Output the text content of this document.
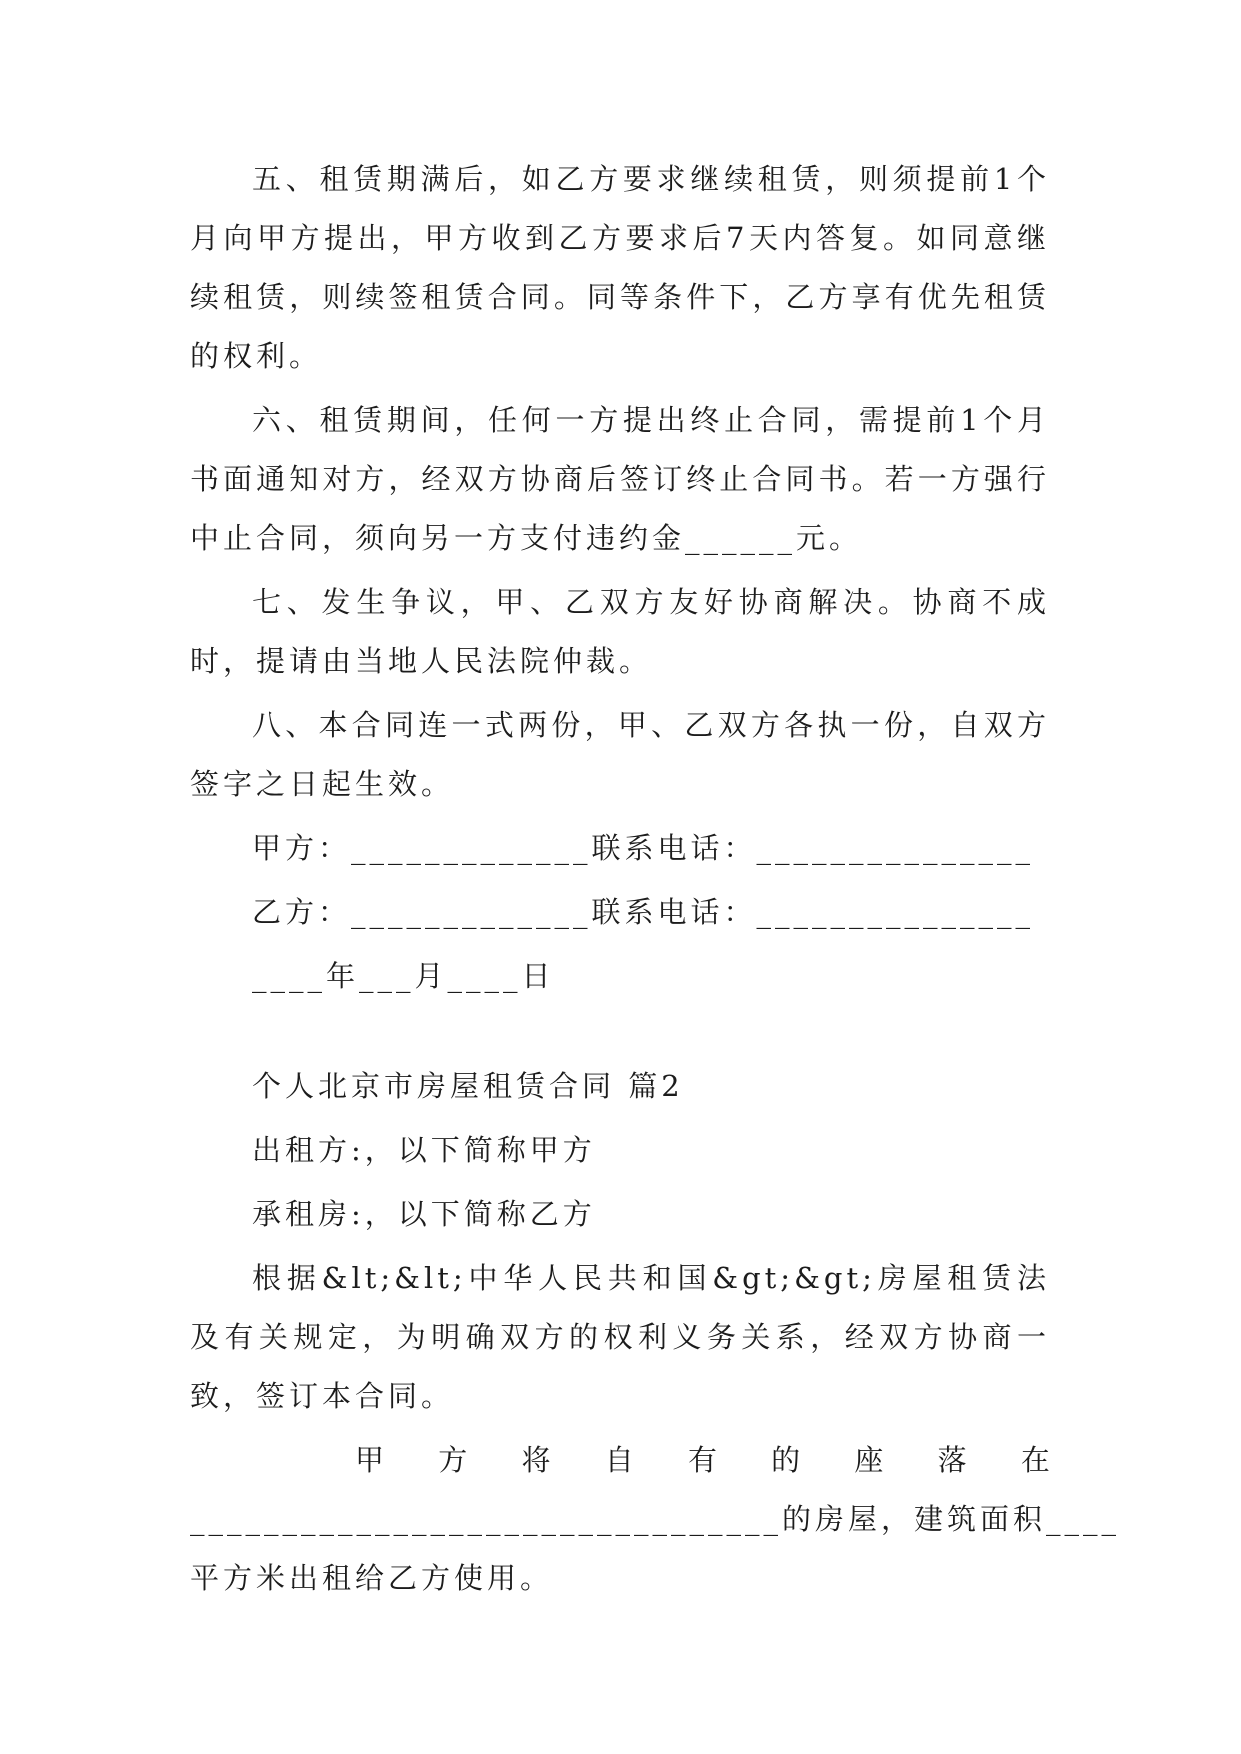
五、租赁期满后，如乙方要求继续租赁，则须提前1个月向甲方提出，甲方收到乙方要求后7天内答复。如同意继续租赁，则续签租赁合同。同等条件下，乙方享有优先租赁的权利。

六、租赁期间，任何一方提出终止合同，需提前1个月书面通知对方，经双方协商后签订终止合同书。若一方强行中止合同，须向另一方支付违约金______元。

七、发生争议，甲、乙双方友好协商解决。协商不成时，提请由当地人民法院仲裁。

八、本合同连一式两份，甲、乙双方各执一份，自双方签字之日起生效。

甲方：_____________联系电话：_______________
乙方：_____________联系电话：_______________
____年___月____日
个人北京市房屋租赁合同 篇2
出租方:，以下简称甲方
承租房:，以下简称乙方

根据&lt;&lt;中华人民共和国&gt;&gt;房屋租赁法及有关规定，为明确双方的权利义务关系，经双方协商一致，签订本合同。

甲 方 将 自 有 的 座 落 在
________________________________的房屋，建筑面积____
平方米出租给乙方使用。
